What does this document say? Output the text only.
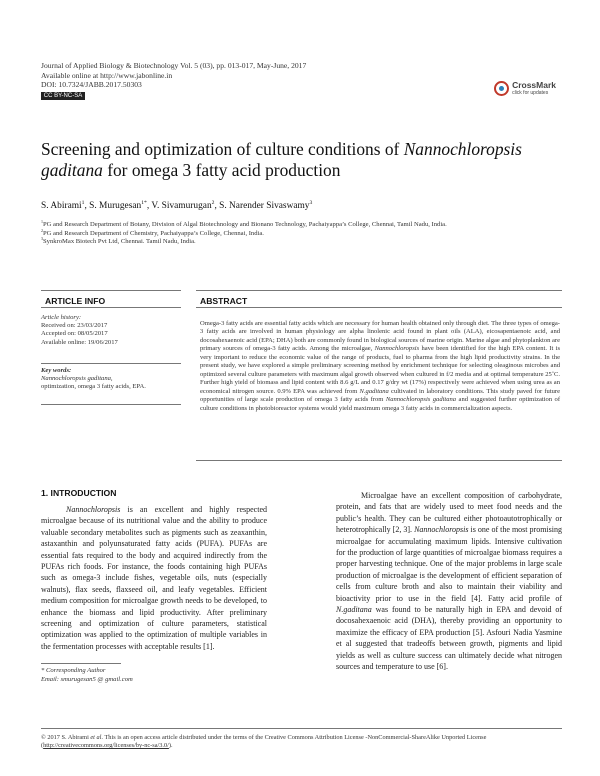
Journal of Applied Biology & Biotechnology Vol. 5 (03), pp. 013-017, May-June, 2017
Available online at http://www.jabonline.in
DOI: 10.7324/JABB.2017.50303
CC BY-NC-SA
CrossMark
click for updates
Screening and optimization of culture conditions of Nannochloropsis gaditana for omega 3 fatty acid production
S. Abirami$^1$, S. Murugesan$^{1*}$, V. Sivamurugan$^2$, S. Narender Sivaswamy$^3$
$^1$PG and Research Department of Botany, Division of Algal Biotechnology and Bionano Technology, Pachaiyappa’s College, Chennai, Tamil Nadu, India.
$^2$PG and Research Department of Chemistry, Pachaiyappa’s College, Chennai, India.
$^3$SynkroMax Biotech Pvt Ltd, Chennai. Tamil Nadu, India.
ARTICLE INFO	ABSTRACT
Article history:
Received on: 23/03/2017
Accepted on: 08/05/2017
Available online: 19/06/2017
Key words:
Nannochloropsis gaditana,
optimization, omega 3 fatty acids, EPA.
Omega-3 fatty acids are essential fatty acids which are necessary for human health obtained only through diet. The three types of omega-3 fatty acids are involved in human physiology are alpha linolenic acid found in plant oils (ALA), eicosapentaenoic acid, and docosahexaenoic acid (EPA; DHA) both are commonly found in biological sources of marine origin. Marine algae and phytoplankton are primary sources of omega-3 fatty acids. Among the microalgae, Nannochloropsis have been identified for the high EPA content. It is very important to reduce the economic value of the range of products, fuel to pharma from the high lipid productivity strains. In the present study, we have explored a simple preliminary screening method by enrichment technique for selecting oleaginous microbes and optimized several culture parameters with maximum algal growth observed when cultured in f/2 media and at optimal temperature 25˚C. Further high yield of biomass and lipid content with 8.6 g/L and 0.17 g/dry wt (17%) respectively were achieved when using urea as an economical nitrogen source. 0.9% EPA was achieved from N.gaditana cultivated in laboratory conditions. This study paved for future opportunities of large scale production of omega 3 fatty acids from Nannochloropsis gaditana and suggested further optimization of culture conditions in photobioreactor systems would yield maximum omega 3 fatty acids in commercialization aspects.
1. INTRODUCTION

Nannochloropsis is an excellent and highly respected microalgae because of its nutritional value and the ability to produce valuable secondary metabolites such as pigments such as zeaxanthin, astaxanthin and polyunsaturated fatty acids (PUFA). PUFAs are essential fats required to the body and acquired indirectly from the PUFAs rich foods. For instance, the foods containing high PUFAs such as omega-3 include fishes, vegetable oils, nuts (especially walnuts), flax seeds, flaxseed oil, and leafy vegetables. Efficient medium composition for microalgae growth needs to be developed, to enhance the biomass and lipid productivity. After preliminary screening and optimization of culture parameters, statistical optimization was applied to the optimization of multiple variables in the fermentation processes with acceptable results [1].

Microalgae have an excellent composition of carbohydrate, protein, and fats that are widely used to meet food needs and the public’s health. They can be cultured either photoautotrophically or heterotrophically [2, 3]. Nannochloropsis is one of the most promising microalgae for accumulating maximum lipids. Intensive cultivation for the production of large quantities of microalgae biomass requires a proper harvesting technique. One of the major problems in large scale production of microalgae is the development of efficient separation of cells from culture broth and also to maintain their viability and bioactivity prior to use in the field [4]. Fatty acid profile of N.gaditana was found to be naturally high in EPA and devoid of docosahexaenoic acid (DHA), thereby providing an opportunity to maximize the efficacy of EPA production [5]. Asfouri Nadia Yasmine et al suggested that tradeoffs between growth, pigments and lipid yields as well as culture success can ultimately decide what nitrogen sources and temperature to use [6].

* Corresponding Author
Email: smurugesan5 @ gmail.com
© 2017 S. Abirami et al. This is an open access article distributed under the terms of the Creative Commons Attribution License -NonCommercial-ShareAlike Unported License (http://creativecommons.org/licenses/by-nc-sa/3.0/).
